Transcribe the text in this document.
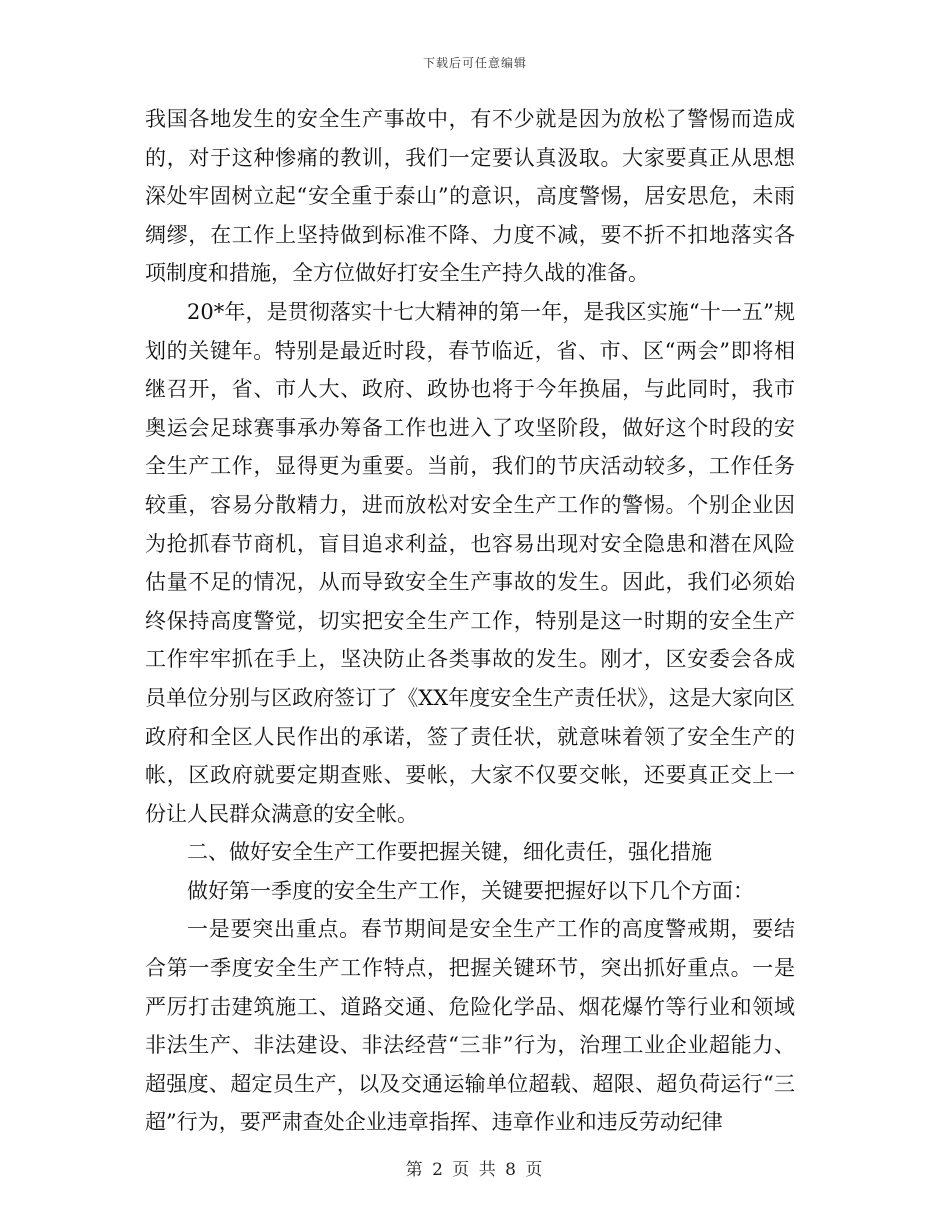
下载后可任意编辑

我国各地发生的安全生产事故中，有不少就是因为放松了警惕而造成的，对于这种惨痛的教训，我们一定要认真汲取。大家要真正从思想深处牢固树立起“安全重于泰山”的意识，高度警惕，居安思危，未雨绸缪，在工作上坚持做到标准不降、力度不减，要不折不扣地落实各项制度和措施，全方位做好打安全生产持久战的准备。

20*年，是贯彻落实十七大精神的第一年，是我区实施“十一五”规划的关键年。特别是最近时段，春节临近，省、市、区“两会”即将相继召开，省、市人大、政府、政协也将于今年换届，与此同时，我市奥运会足球赛事承办筹备工作也进入了攻坚阶段，做好这个时段的安全生产工作，显得更为重要。当前，我们的节庆活动较多，工作任务较重，容易分散精力，进而放松对安全生产工作的警惕。个别企业因为抢抓春节商机，盲目追求利益，也容易出现对安全隐患和潜在风险估量不足的情况，从而导致安全生产事故的发生。因此，我们必须始终保持高度警觉，切实把安全生产工作，特别是这一时期的安全生产工作牢牢抓在手上，坚决防止各类事故的发生。刚才，区安委会各成员单位分别与区政府签订了《XX年度安全生产责任状》，这是大家向区政府和全区人民作出的承诺，签了责任状，就意味着领了安全生产的帐，区政府就要定期查账、要帐，大家不仅要交帐，还要真正交上一份让人民群众满意的安全帐。

二、做好安全生产工作要把握关键，细化责任，强化措施

做好第一季度的安全生产工作，关键要把握好以下几个方面：

一是要突出重点。春节期间是安全生产工作的高度警戒期，要结合第一季度安全生产工作特点，把握关键环节，突出抓好重点。一是严厉打击建筑施工、道路交通、危险化学品、烟花爆竹等行业和领域非法生产、非法建设、非法经营“三非”行为，治理工业企业超能力、超强度、超定员生产，以及交通运输单位超载、超限、超负荷运行“三超”行为，要严肃查处企业违章指挥、违章作业和违反劳动纪律

第 2 页 共 8 页
